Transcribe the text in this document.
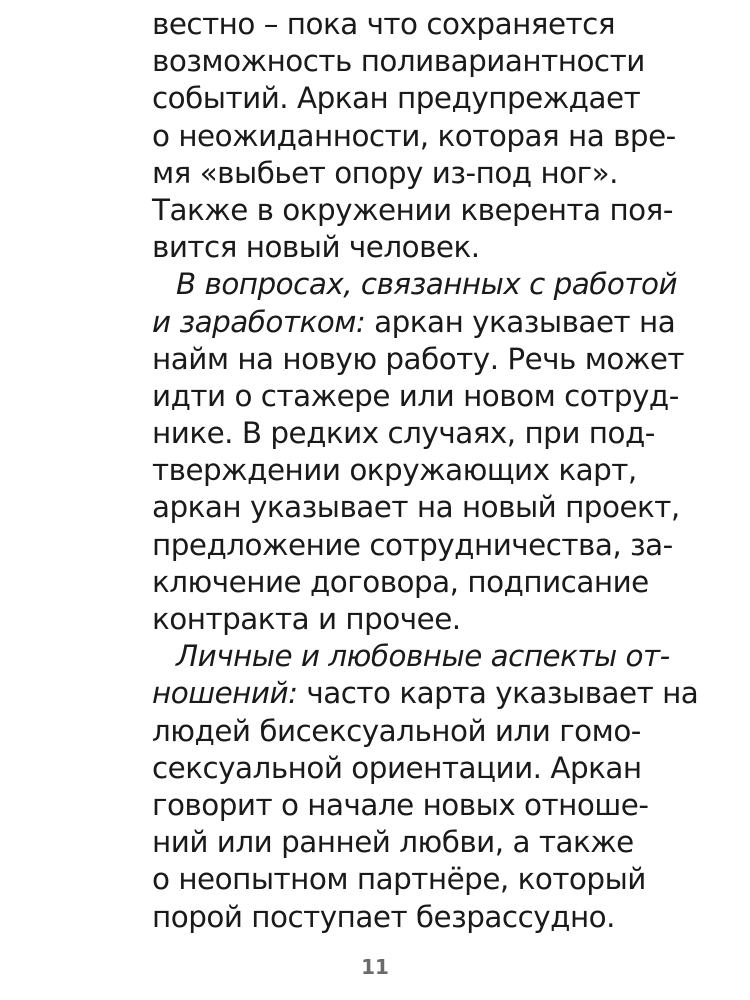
вестно – пока что сохраняется
возможность поливариантности
событий. Аркан предупреждает
о неожиданности, которая на вре-
мя «выбьет опору из-под ног».
Также в окружении кверента поя-
вится новый человек.
В вопросах, связанных с работой
и заработком: аркан указывает на
найм на новую работу. Речь может
идти о стажере или новом сотруд-
нике. В редких случаях, при под-
тверждении окружающих карт,
аркан указывает на новый проект,
предложение сотрудничества, за-
ключение договора, подписание
контракта и прочее.
Личные и любовные аспекты от-
ношений: часто карта указывает на
людей бисексуальной или гомо-
сексуальной ориентации. Аркан
говорит о начале новых отноше-
ний или ранней любви, а также
о неопытном партнёре, который
порой поступает безрассудно.
11
